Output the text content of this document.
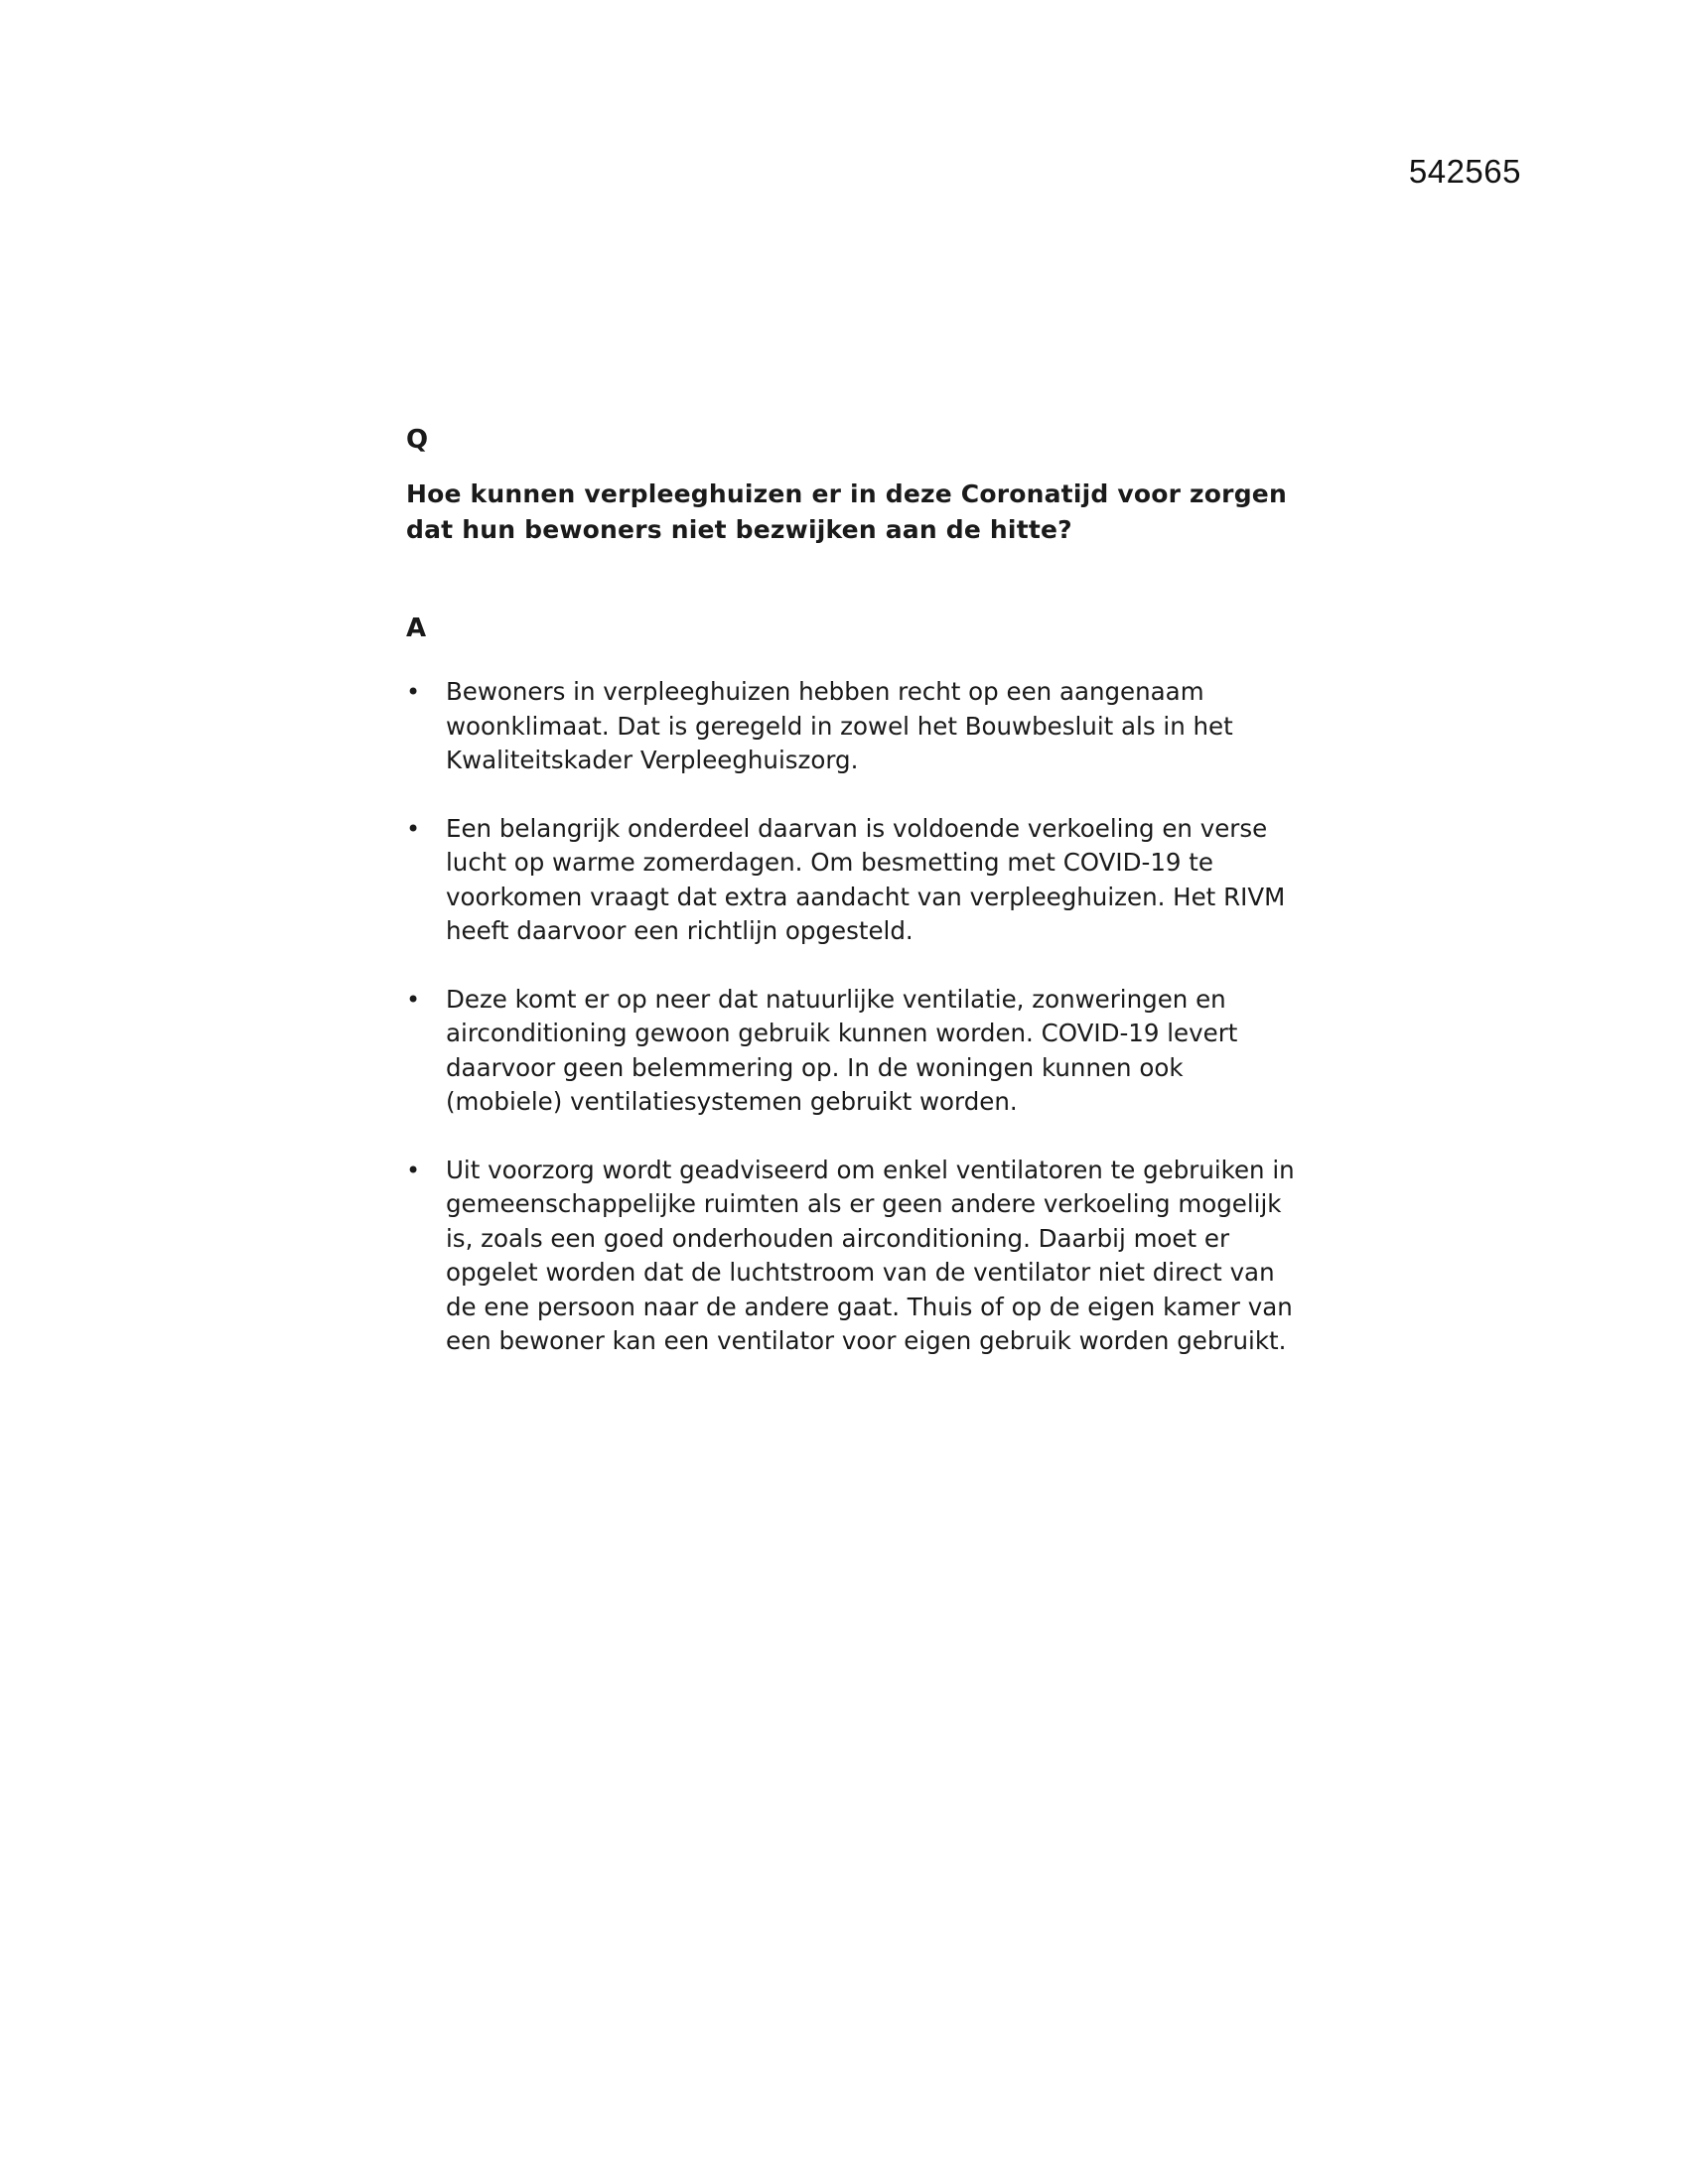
542565
Q
Hoe kunnen verpleeghuizen er in deze Coronatijd voor zorgen dat hun bewoners niet bezwijken aan de hitte?
A
• Bewoners in verpleeghuizen hebben recht op een aangenaam woonklimaat. Dat is geregeld in zowel het Bouwbesluit als in het Kwaliteitskader Verpleeghuiszorg.
• Een belangrijk onderdeel daarvan is voldoende verkoeling en verse lucht op warme zomerdagen. Om besmetting met COVID-19 te voorkomen vraagt dat extra aandacht van verpleeghuizen. Het RIVM heeft daarvoor een richtlijn opgesteld.
• Deze komt er op neer dat natuurlijke ventilatie, zonweringen en airconditioning gewoon gebruik kunnen worden. COVID-19 levert daarvoor geen belemmering op. In de woningen kunnen ook (mobiele) ventilatiesystemen gebruikt worden.
• Uit voorzorg wordt geadviseerd om enkel ventilatoren te gebruiken in gemeenschappelijke ruimten als er geen andere verkoeling mogelijk is, zoals een goed onderhouden airconditioning. Daarbij moet er opgelet worden dat de luchtstroom van de ventilator niet direct van de ene persoon naar de andere gaat. Thuis of op de eigen kamer van een bewoner kan een ventilator voor eigen gebruik worden gebruikt.
